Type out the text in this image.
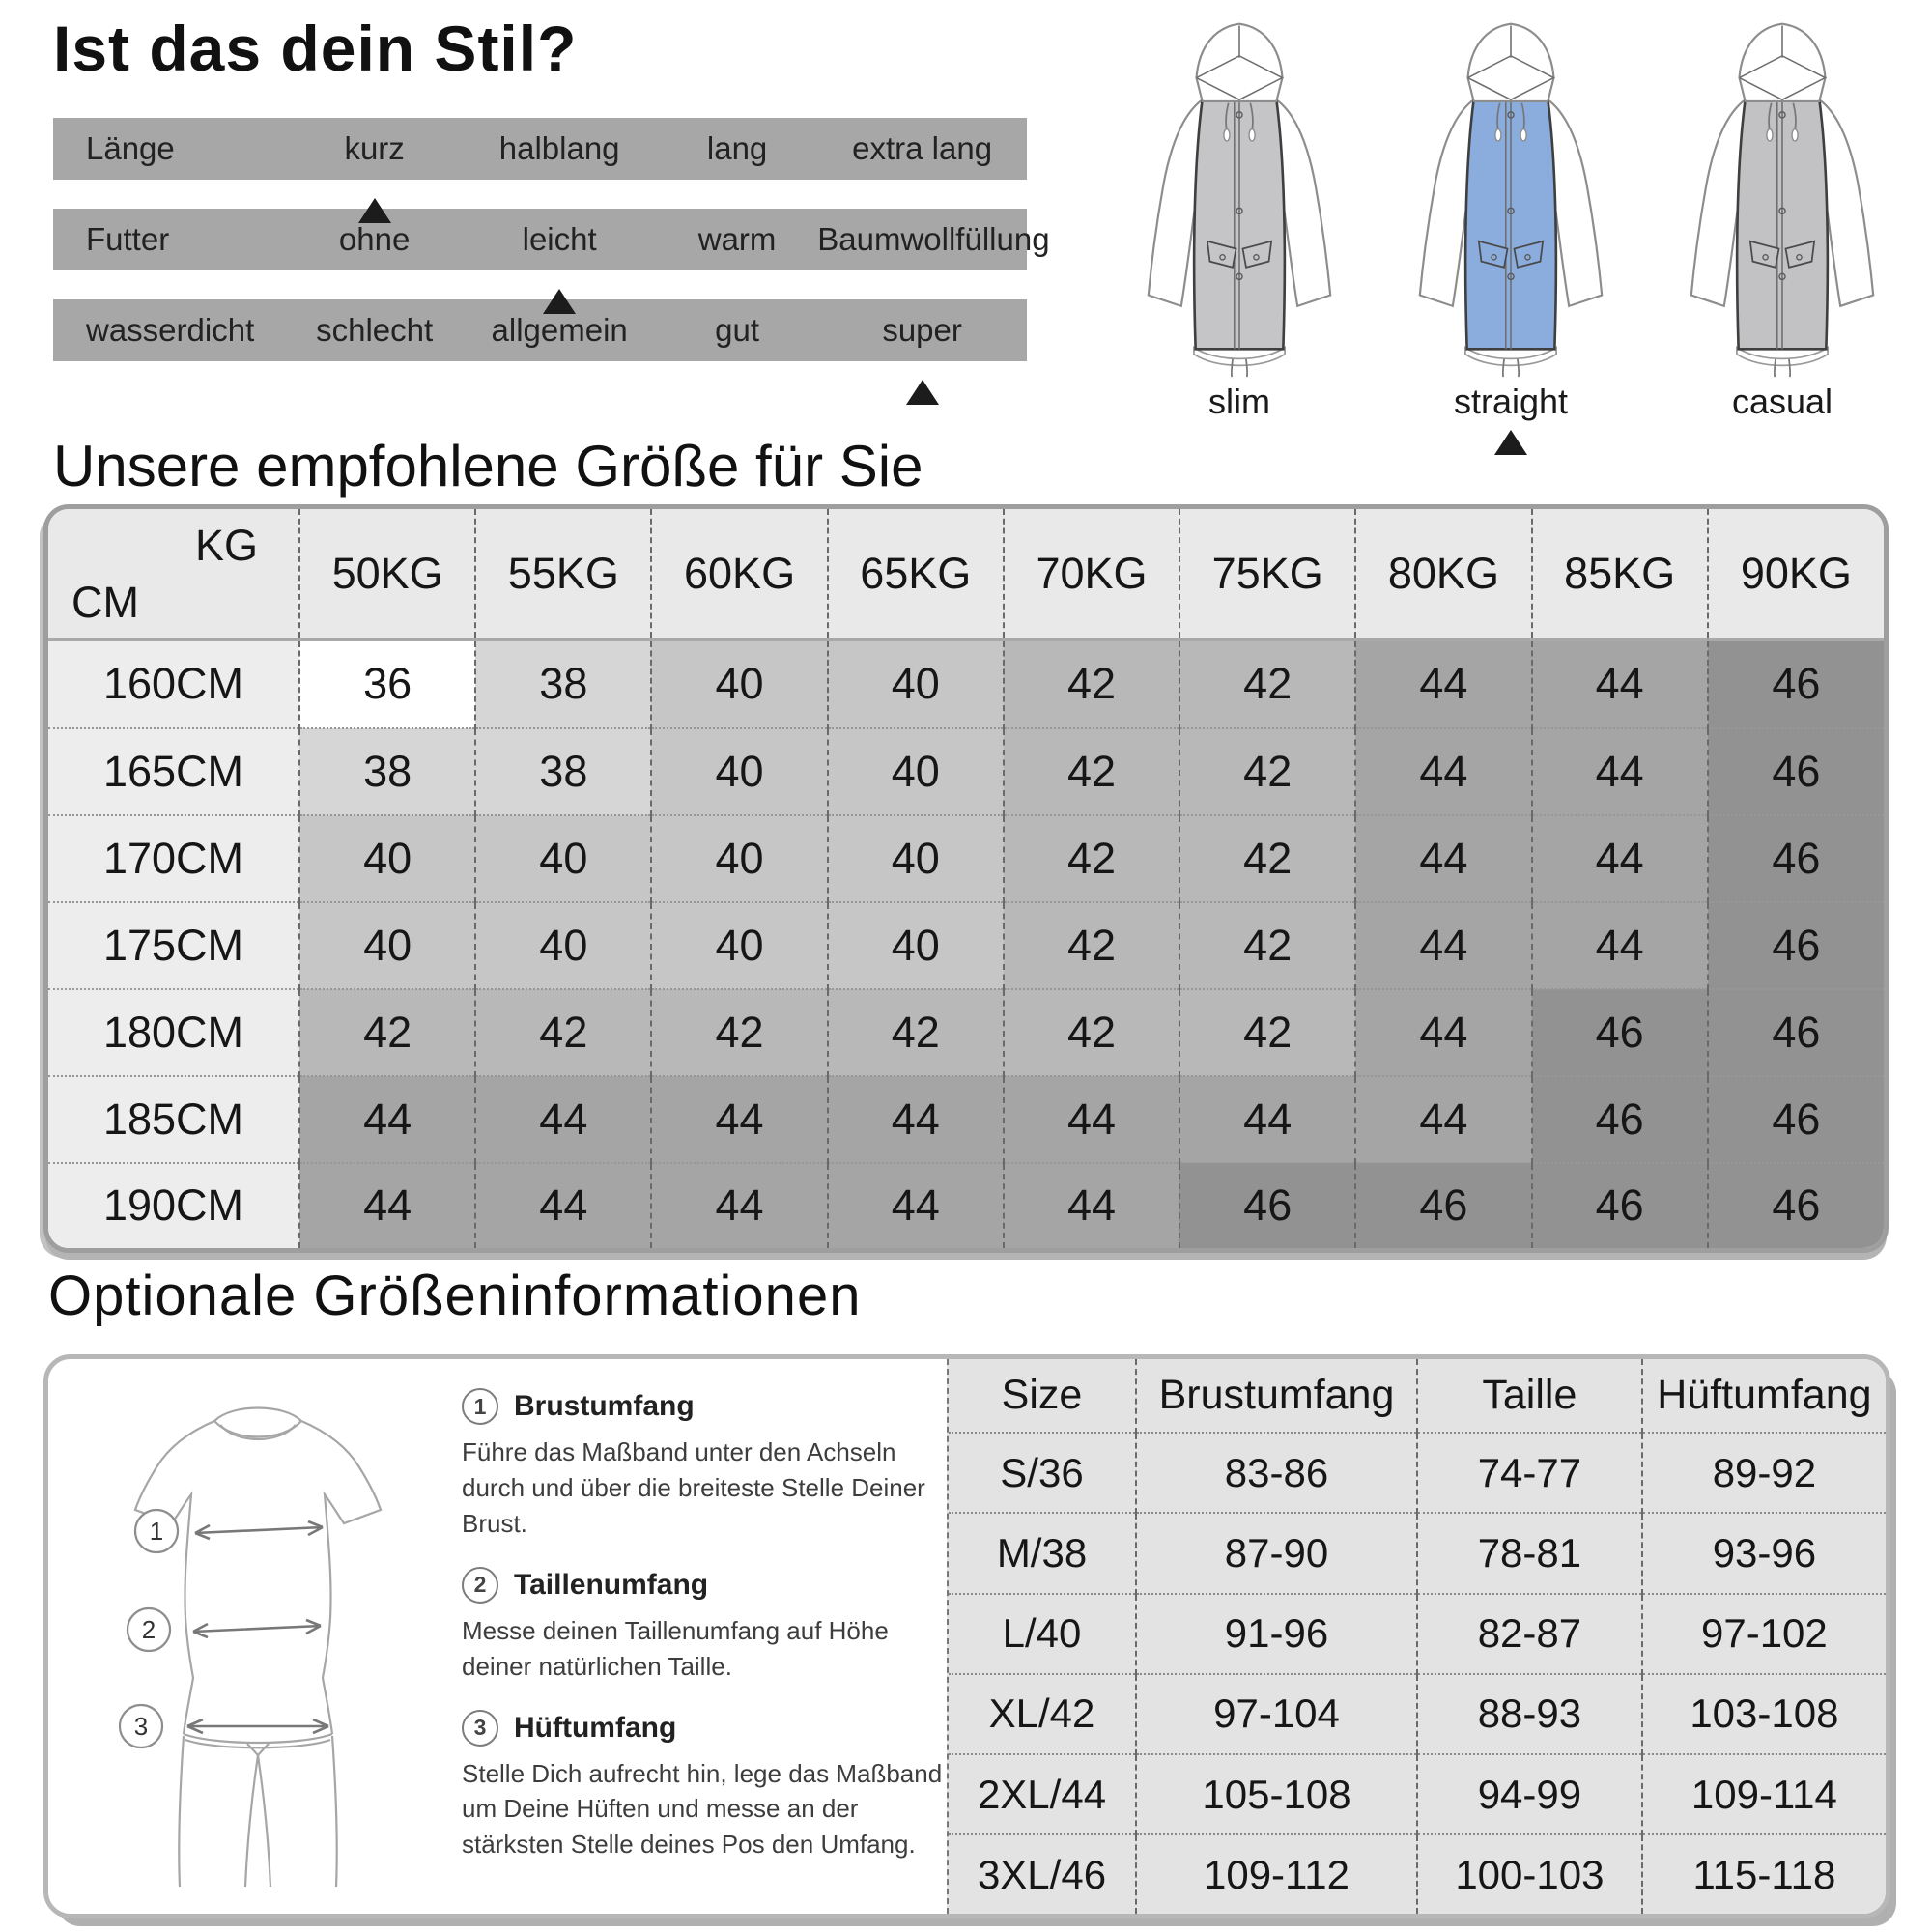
Ist das dein Stil?
Länge	kurz	halblang	lang	extra lang
Futter	ohne	leicht	warm	Baumwollfüllung
wasserdicht	schlecht	allgemein	gut	super
slim	straight	casual
Unsere empfohlene Größe für Sie
KG
CM	50KG	55KG	60KG	65KG	70KG	75KG	80KG	85KG	90KG
160CM	36	38	40	40	42	42	44	44	46
165CM	38	38	40	40	42	42	44	44	46
170CM	40	40	40	40	42	42	44	44	46
175CM	40	40	40	40	42	42	44	44	46
180CM	42	42	42	42	42	42	44	46	46
185CM	44	44	44	44	44	44	44	46	46
190CM	44	44	44	44	44	46	46	46	46
Optionale Größeninformationen
1
2
3
1 Brustumfang
Führe das Maßband unter den Achseln durch und über die breiteste Stelle Deiner Brust.
2 Taillenumfang
Messe deinen Taillenumfang auf Höhe deiner natürlichen Taille.
3 Hüftumfang
Stelle Dich aufrecht hin, lege das Maßband um Deine Hüften und messe an der stärksten Stelle deines Pos den Umfang.
Size	Brustumfang	Taille	Hüftumfang
S/36	83-86	74-77	89-92
M/38	87-90	78-81	93-96
L/40	91-96	82-87	97-102
XL/42	97-104	88-93	103-108
2XL/44	105-108	94-99	109-114
3XL/46	109-112	100-103	115-118
